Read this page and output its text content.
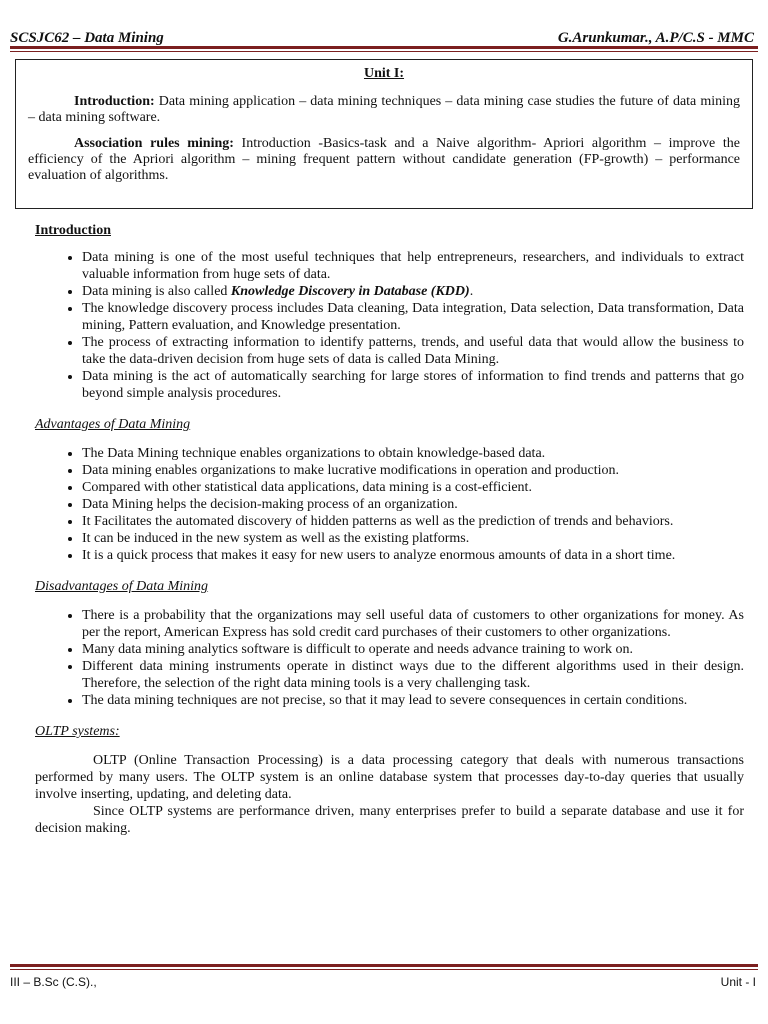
SCSJC62 – Data Mining	G.Arunkumar., A.P/C.S - MMC
Unit I:

Introduction: Data mining application – data mining techniques – data mining case studies the future of data mining – data mining software.

Association rules mining: Introduction -Basics-task and a Naive algorithm- Apriori algorithm – improve the efficiency of the Apriori algorithm – mining frequent pattern without candidate generation (FP-growth) – performance evaluation of algorithms.

Introduction
• Data mining is one of the most useful techniques that help entrepreneurs, researchers, and individuals to extract valuable information from huge sets of data.
• Data mining is also called Knowledge Discovery in Database (KDD).
• The knowledge discovery process includes Data cleaning, Data integration, Data selection, Data transformation, Data mining, Pattern evaluation, and Knowledge presentation.
• The process of extracting information to identify patterns, trends, and useful data that would allow the business to take the data-driven decision from huge sets of data is called Data Mining.
• Data mining is the act of automatically searching for large stores of information to find trends and patterns that go beyond simple analysis procedures.
Advantages of Data Mining
• The Data Mining technique enables organizations to obtain knowledge-based data.
• Data mining enables organizations to make lucrative modifications in operation and production.
• Compared with other statistical data applications, data mining is a cost-efficient.
• Data Mining helps the decision-making process of an organization.
• It Facilitates the automated discovery of hidden patterns as well as the prediction of trends and behaviors.
• It can be induced in the new system as well as the existing platforms.
• It is a quick process that makes it easy for new users to analyze enormous amounts of data in a short time.
Disadvantages of Data Mining
• There is a probability that the organizations may sell useful data of customers to other organizations for money. As per the report, American Express has sold credit card purchases of their customers to other organizations.
• Many data mining analytics software is difficult to operate and needs advance training to work on.
• Different data mining instruments operate in distinct ways due to the different algorithms used in their design. Therefore, the selection of the right data mining tools is a very challenging task.
• The data mining techniques are not precise, so that it may lead to severe consequences in certain conditions.
OLTP systems:

OLTP (Online Transaction Processing) is a data processing category that deals with numerous transactions performed by many users. The OLTP system is an online database system that processes day-to-day queries that usually involve inserting, updating, and deleting data.

Since OLTP systems are performance driven, many enterprises prefer to build a separate database and use it for decision making.

III – B.Sc (C.S).,	Unit - I
